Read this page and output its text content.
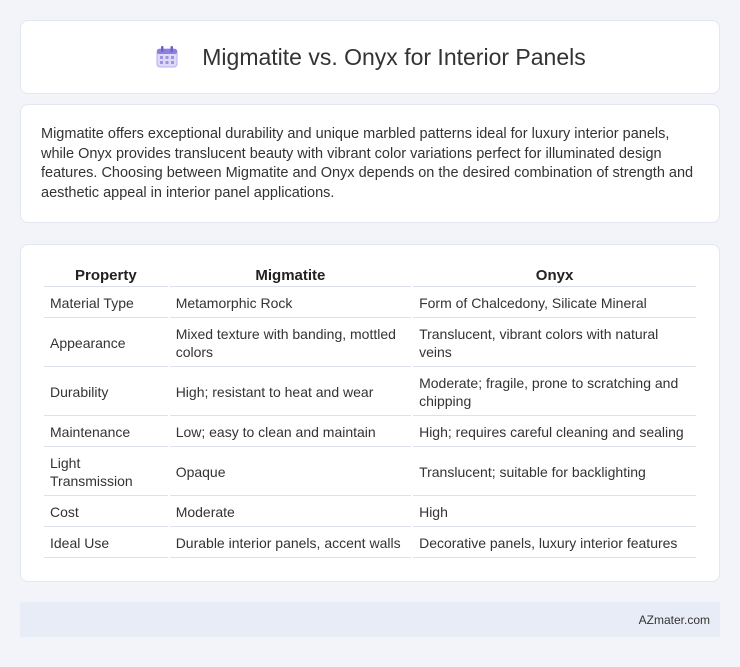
Migmatite vs. Onyx for Interior Panels

Migmatite offers exceptional durability and unique marbled patterns ideal for luxury interior panels, while Onyx provides translucent beauty with vibrant color variations perfect for illuminated design features. Choosing between Migmatite and Onyx depends on the desired combination of strength and aesthetic appeal in interior panel applications.

Property	Migmatite	Onyx
Material Type	Metamorphic Rock	Form of Chalcedony, Silicate Mineral
Appearance	Mixed texture with banding, mottled colors	Translucent, vibrant colors with natural veins
Durability	High; resistant to heat and wear	Moderate; fragile, prone to scratching and chipping
Maintenance	Low; easy to clean and maintain	High; requires careful cleaning and sealing
Light Transmission	Opaque	Translucent; suitable for backlighting
Cost	Moderate	High
Ideal Use	Durable interior panels, accent walls	Decorative panels, luxury interior features
AZmater.com
